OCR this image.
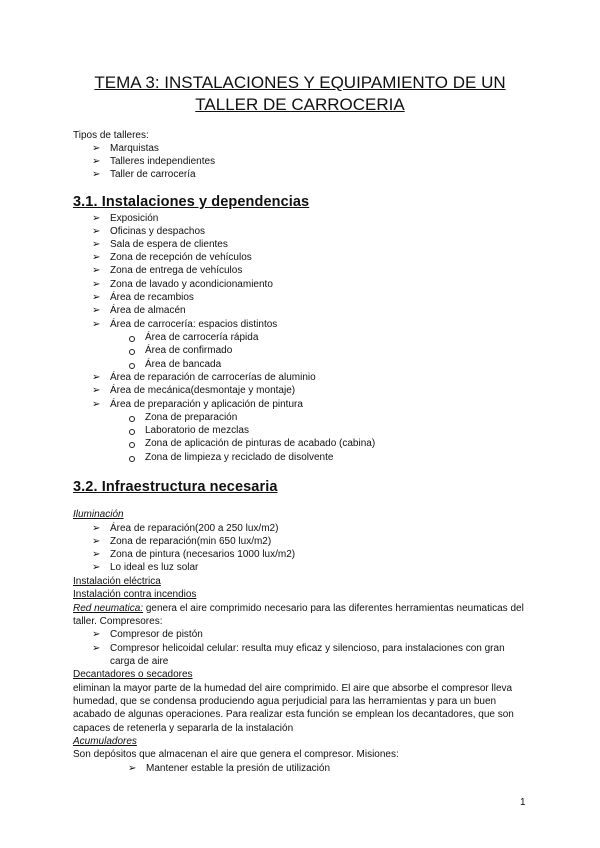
TEMA 3: INSTALACIONES Y EQUIPAMIENTO DE UN
TALLER DE CARROCERIA
Tipos de talleres:
➢ Marquistas
➢ Talleres independientes
➢ Taller de carrocería
3.1. Instalaciones y dependencias
➢ Exposición
➢ Oficinas y despachos
➢ Sala de espera de clientes
➢ Zona de recepción de vehículos
➢ Zona de entrega de vehículos
➢ Zona de lavado y acondicionamiento
➢ Área de recambios
➢ Área de almacén
➢ Área de carrocería: espacios distintos
Área de carrocería rápida
Área de confirmado
Área de bancada
➢ Área de reparación de carrocerías de aluminio
➢ Área de mecánica(desmontaje y montaje)
➢ Área de preparación y aplicación de pintura
Zona de preparación
Laboratorio de mezclas
Zona de aplicación de pinturas de acabado (cabina)
Zona de limpieza y reciclado de disolvente
3.2. Infraestructura necesaria
Iluminación
➢ Área de reparación(200 a 250 lux/m2)
➢ Zona de reparación(min 650 lux/m2)
➢ Zona de pintura (necesarios 1000 lux/m2)
➢ Lo ideal es luz solar
Instalación eléctrica
Instalación contra incendios
Red neumatica: genera el aire comprimido necesario para las diferentes herramientas neumaticas del
taller. Compresores:
➢ Compresor de pistón
➢ Compresor helicoidal celular: resulta muy eficaz y silencioso, para instalaciones con gran
carga de aire
Decantadores o secadores
eliminan la mayor parte de la humedad del aire comprimido. El aire que absorbe el compresor lleva
humedad, que se condensa produciendo agua perjudicial para las herramientas y para un buen
acabado de algunas operaciones. Para realizar esta función se emplean los decantadores, que son
capaces de retenerla y separarla de la instalación
Acumuladores
Son depósitos que almacenan el aire que genera el compresor. Misiones:
➢ Mantener estable la presión de utilización
1
